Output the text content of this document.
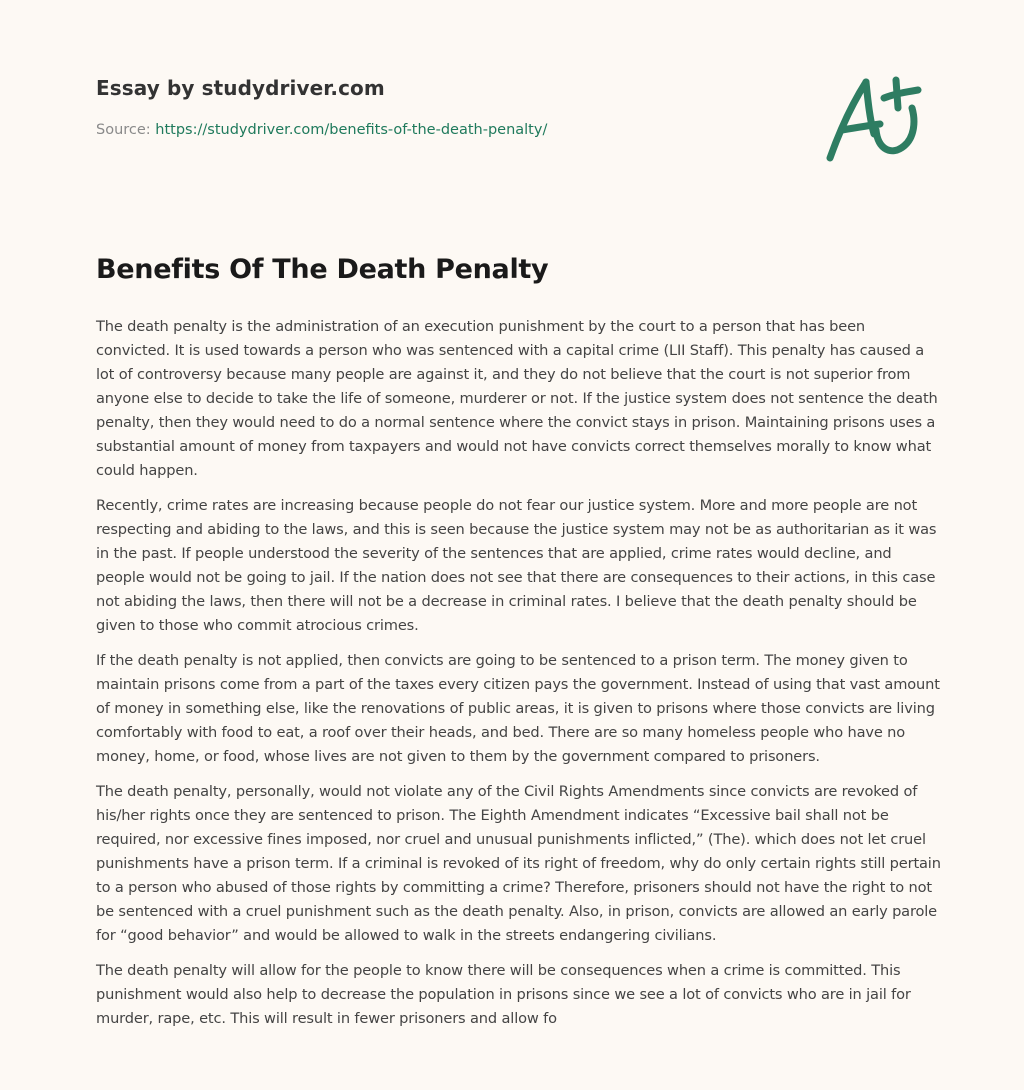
Essay by studydriver.com
Source: https://studydriver.com/benefits-of-the-death-penalty/
Benefits Of The Death Penalty

The death penalty is the administration of an execution punishment by the court to a person that has been convicted. It is used towards a person who was sentenced with a capital crime (LII Staff). This penalty has caused a lot of controversy because many people are against it, and they do not believe that the court is not superior from anyone else to decide to take the life of someone, murderer or not. If the justice system does not sentence the death penalty, then they would need to do a normal sentence where the convict stays in prison. Maintaining prisons uses a substantial amount of money from taxpayers and would not have convicts correct themselves morally to know what could happen.

Recently, crime rates are increasing because people do not fear our justice system. More and more people are not respecting and abiding to the laws, and this is seen because the justice system may not be as authoritarian as it was in the past. If people understood the severity of the sentences that are applied, crime rates would decline, and people would not be going to jail. If the nation does not see that there are consequences to their actions, in this case not abiding the laws, then there will not be a decrease in criminal rates. I believe that the death penalty should be given to those who commit atrocious crimes.

If the death penalty is not applied, then convicts are going to be sentenced to a prison term. The money given to maintain prisons come from a part of the taxes every citizen pays the government. Instead of using that vast amount of money in something else, like the renovations of public areas, it is given to prisons where those convicts are living comfortably with food to eat, a roof over their heads, and bed. There are so many homeless people who have no money, home, or food, whose lives are not given to them by the government compared to prisoners.

The death penalty, personally, would not violate any of the Civil Rights Amendments since convicts are revoked of his/her rights once they are sentenced to prison. The Eighth Amendment indicates “Excessive bail shall not be required, nor excessive fines imposed, nor cruel and unusual punishments inflicted,” (The). which does not let cruel punishments have a prison term. If a criminal is revoked of its right of freedom, why do only certain rights still pertain to a person who abused of those rights by committing a crime? Therefore, prisoners should not have the right to not be sentenced with a cruel punishment such as the death penalty. Also, in prison, convicts are allowed an early parole for “good behavior” and would be allowed to walk in the streets endangering civilians.

The death penalty will allow for the people to know there will be consequences when a crime is committed. This punishment would also help to decrease the population in prisons since we see a lot of convicts who are in jail for murder, rape, etc. This will result in fewer prisoners and allow fo
